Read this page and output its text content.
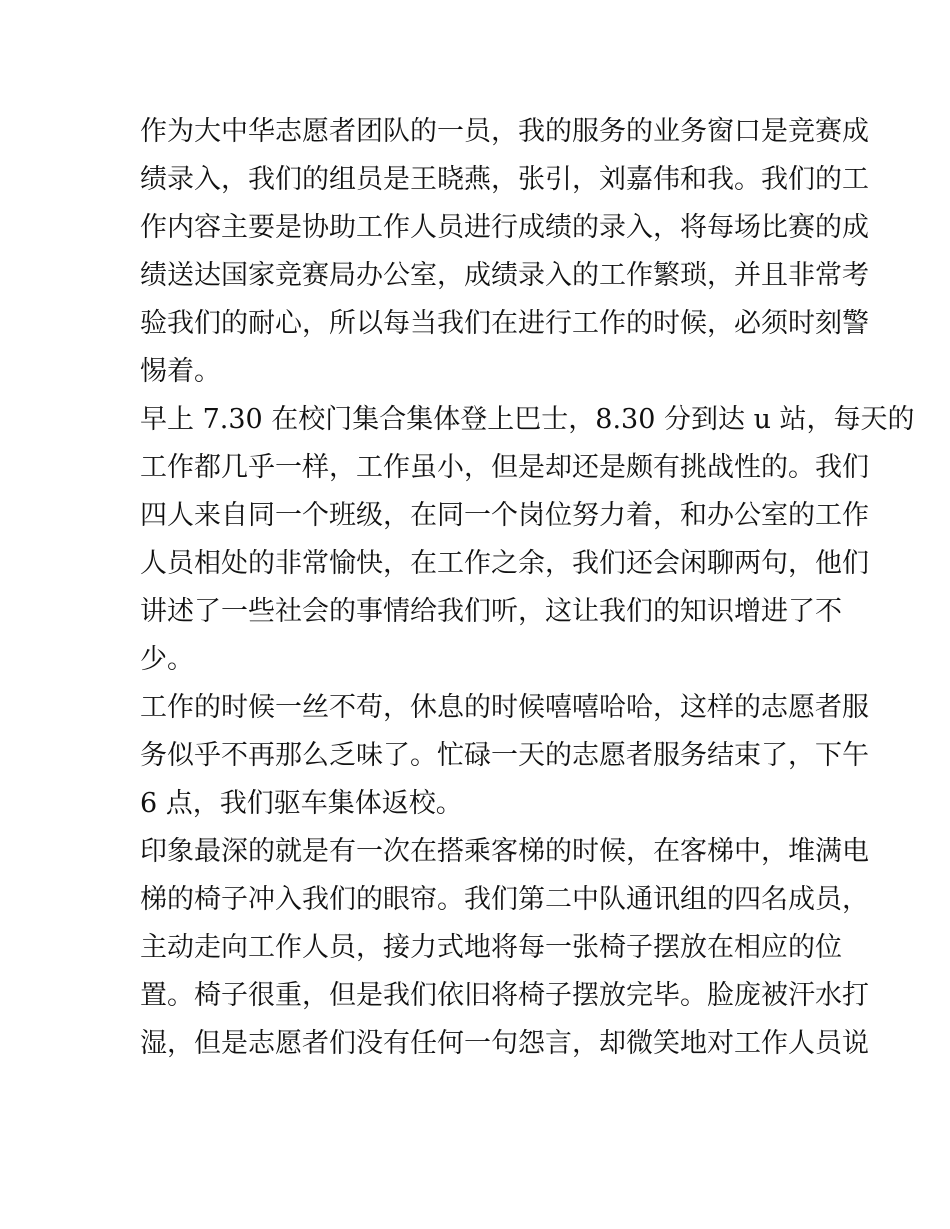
作为大中华志愿者团队的一员，我的服务的业务窗口是竞赛成
绩录入，我们的组员是王晓燕，张引，刘嘉伟和我。我们的工
作内容主要是协助工作人员进行成绩的录入，将每场比赛的成
绩送达国家竞赛局办公室，成绩录入的工作繁琐，并且非常考
验我们的耐心，所以每当我们在进行工作的时候，必须时刻警
惕着。
早上 7.30 在校门集合集体登上巴士，8.30 分到达 u 站，每天的
工作都几乎一样，工作虽小，但是却还是颇有挑战性的。我们
四人来自同一个班级，在同一个岗位努力着，和办公室的工作
人员相处的非常愉快，在工作之余，我们还会闲聊两句，他们
讲述了一些社会的事情给我们听，这让我们的知识增进了不
少。
工作的时候一丝不苟，休息的时候嘻嘻哈哈，这样的志愿者服
务似乎不再那么乏味了。忙碌一天的志愿者服务结束了，下午
6 点，我们驱车集体返校。
印象最深的就是有一次在搭乘客梯的时候，在客梯中，堆满电
梯的椅子冲入我们的眼帘。我们第二中队通讯组的四名成员，
主动走向工作人员，接力式地将每一张椅子摆放在相应的位
置。椅子很重，但是我们依旧将椅子摆放完毕。脸庞被汗水打
湿，但是志愿者们没有任何一句怨言，却微笑地对工作人员说
